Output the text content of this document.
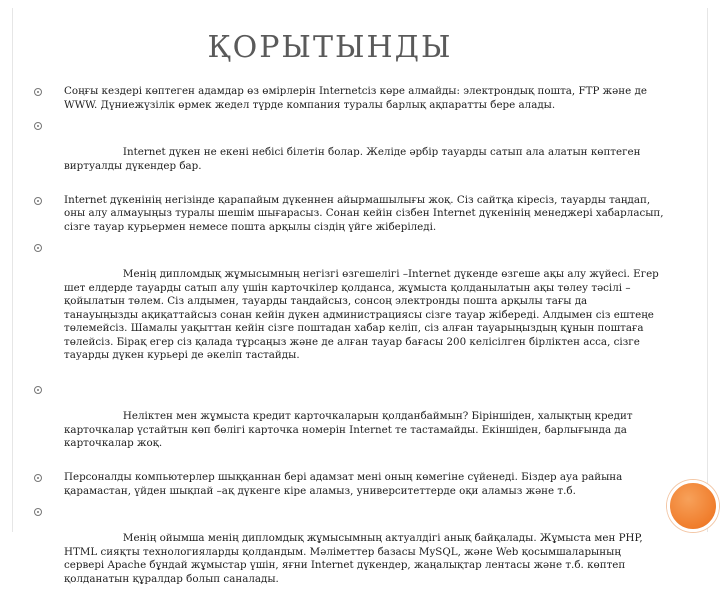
ҚОРЫТЫНДЫ
Соңғы кездері көптеген адамдар өз өмірлерін Internetсіз көре алмайды: электрондық пошта, FTP және де WWW. Дүниежүзілік өрмек жедел түрде компания туралы барлық ақпаратты бере алады.

Internet дүкен не екені небісі білетін болар. Желіде әрбір тауарды сатып ала алатын көптеген виртуалды дүкендер бар.

Internet дүкенінің негізінде қарапайым дүкеннен айырмашылығы жоқ. Сіз сайтқа кіресіз, тауарды таңдап, оны алу алмауыңыз туралы шешім шығарасыз. Сонан кейін сізбен Internet дүкенінің менеджері хабарласып, сізге тауар курьермен немесе пошта арқылы сіздің үйге жіберіледі.

Менің дипломдық жұмысымның негізгі өзгешелігі –Internet дүкенде өзгеше ақы алу жүйесі. Егер шет елдерде тауарды сатып алу үшін карточкілер қолданса, жұмыста қолданылатын ақы төлеу тәсілі – қойылатын төлем. Сіз алдымен, тауарды таңдайсыз, сонсоң электронды пошта арқылы тағы да танауыңызды ақиқаттайсыз сонан кейін дүкен администрациясы сізге тауар жібереді. Алдымен сіз ештеңе төлемейсіз. Шамалы уақыттан кейін сізге поштадан хабар келіп, сіз алған тауарыңыздың құнын поштаға төлейсіз. Бірақ егер сіз қалада тұрсаңыз және де алған тауар бағасы 200 келісілген бірліктен асса, сізге тауарды дүкен курьері де әкеліп тастайды.

Неліктен мен жұмыста кредит карточкаларын қолданбаймын? Біріншіден, халықтың кредит карточкалар үстайтын көп бөлігі карточка номерін Internet те тастамайды. Екіншіден, барлығында да карточкалар жоқ.

Персоналды компьютерлер шыққаннан бері адамзат мені оның көмегіне сүйенеді. Біздер ауа райына қарамастан, үйден шықпай –ақ дүкенге кіре аламыз, университеттерде оқи аламыз және т.б.

Менің ойымша менің дипломдық жұмысымның актуалдігі анық байқалады. Жұмыста мен PHP, HTML сияқты технологияларды қолдандым. Мәліметтер базасы MySQL, және Web қосымшаларының сервері Apache бұндай жұмыстар үшін, яғни Internet дүкендер, жаңалықтар лентасы және т.б. көптеп қолданатын құралдар болып саналады.
